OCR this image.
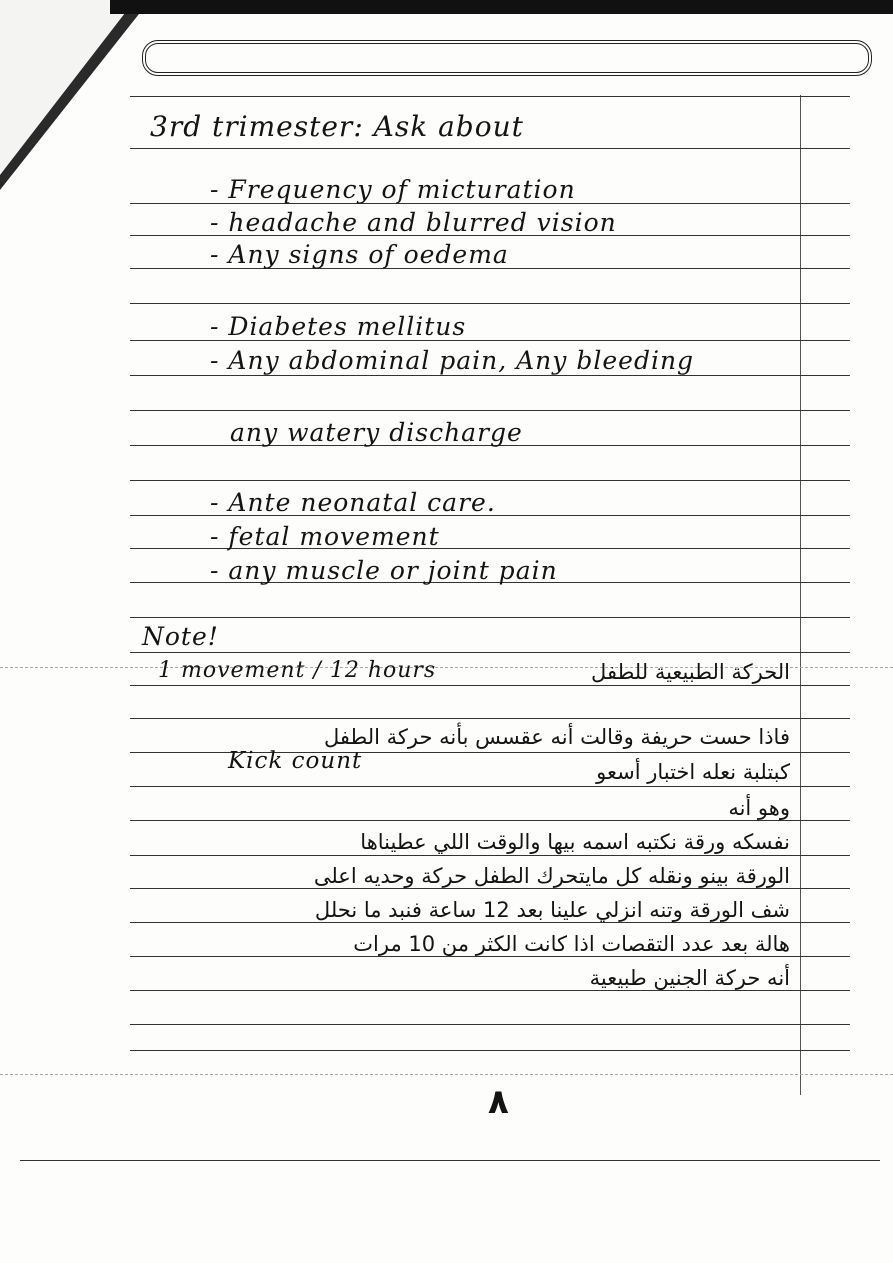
3rd trimester: Ask about
- Frequency of micturation
- headache and blurred vision
- Any signs of oedema
- Diabetes mellitus
- Any abdominal pain, Any bleeding
any watery discharge
- Ante neonatal care.
- fetal movement
- any muscle or joint pain
Note!
1 movement / 12 hours	الحركة الطبيعية للطفل
فاذا حست حريفة وقالت أنه عقسس بأنه حركة الطفل
Kick count	كبتلبة نعله اختبار أسعو
وهو أنه
نفسكه ورقة نكتبه اسمه بيها والوقت اللي عطيناها
الورقة بينو ونقله كل مايتحرك الطفل حركة وحديه اعلى
شف الورقة وتنه انزلي علينا بعد 12 ساعة فنبد ما نحلل
هالة بعد عدد التقصات اذا كانت الكثر من 10 مرات
أنه حركة الجنين طبيعية
٨
